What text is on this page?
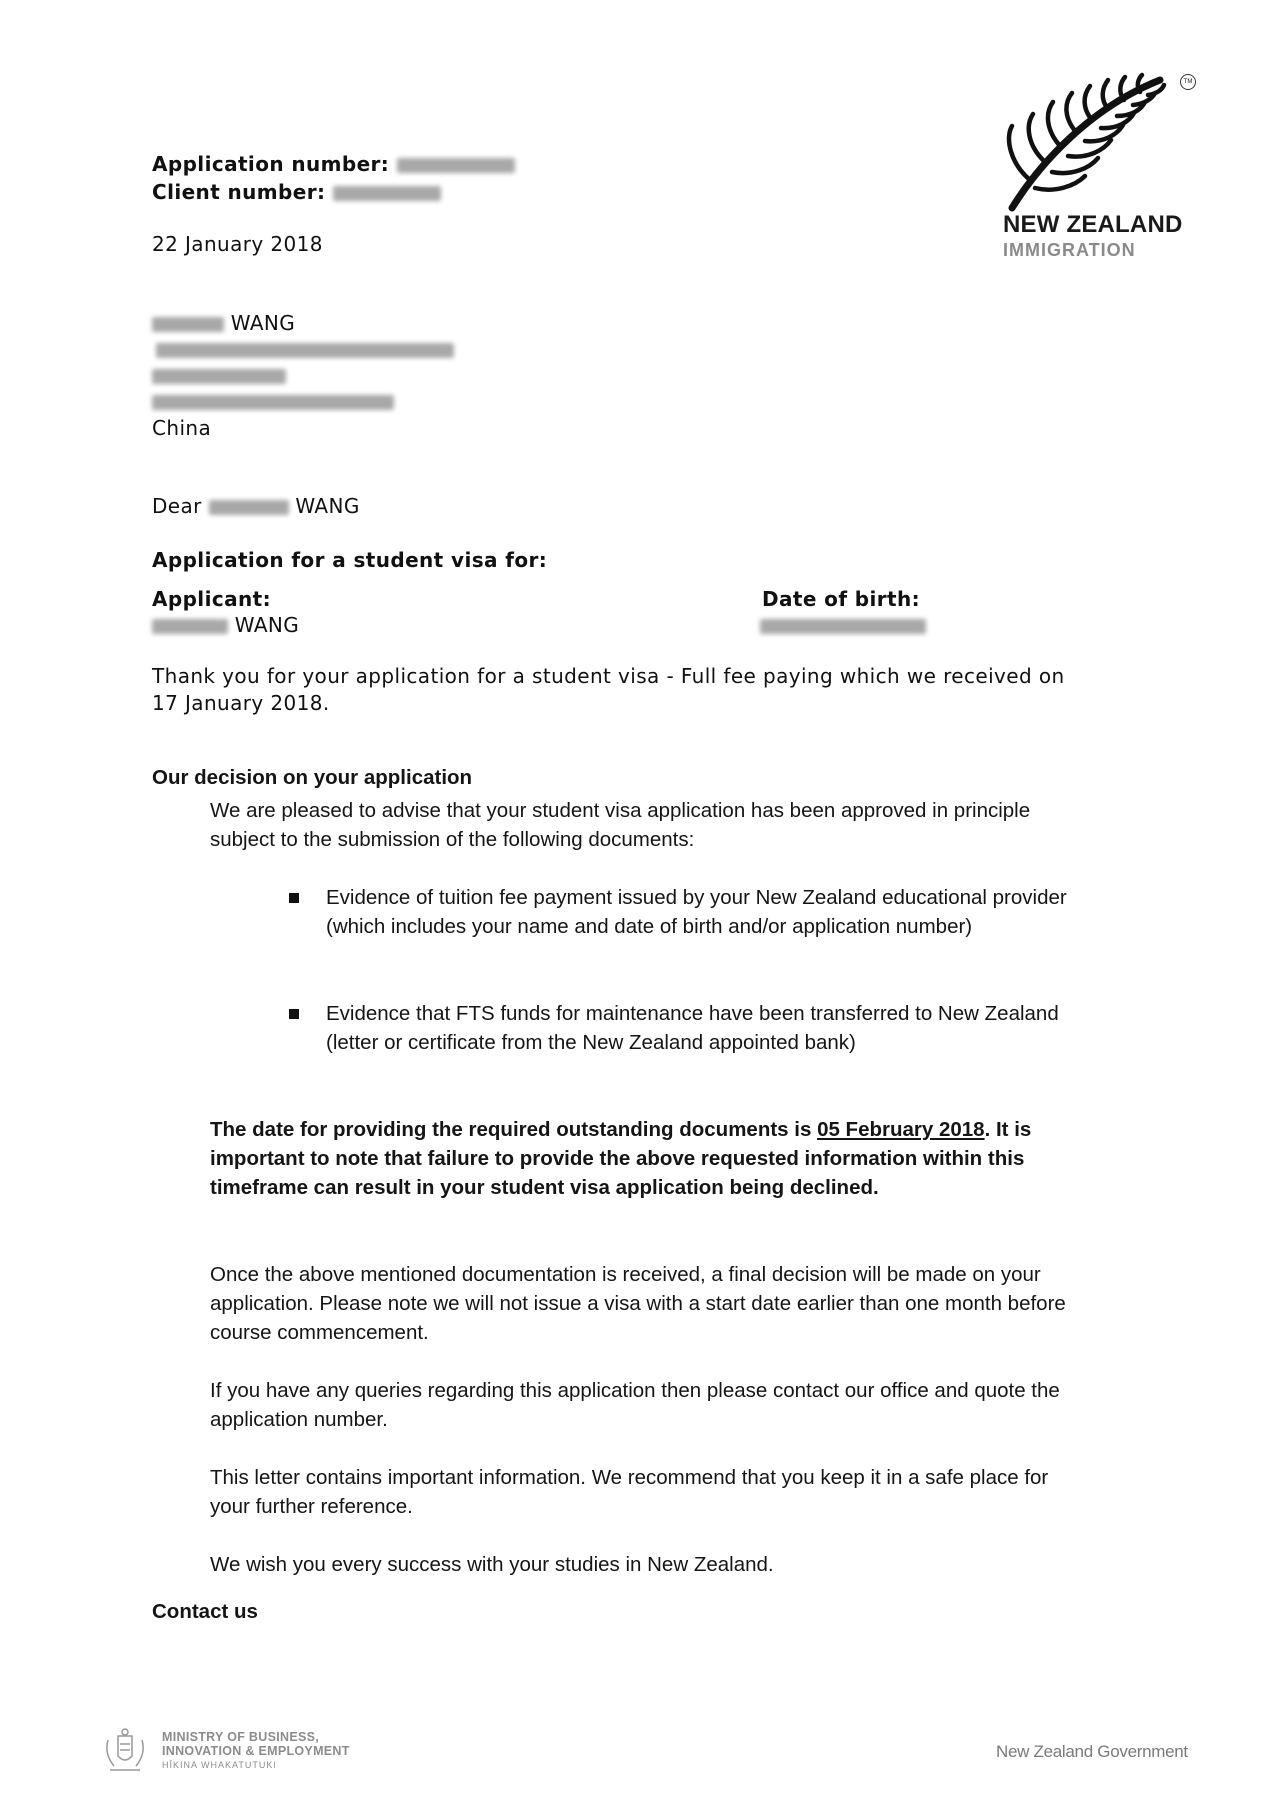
TM
NEW ZEALAND
IMMIGRATION
Application number:
Client number:
22 January 2018
WANG
China
Dear	WANG
Application for a student visa for:
Applicant:
WANG
Date of birth:
Thank you for your application for a student visa - Full fee paying which we received on
17 January 2018.
Our decision on your application
We are pleased to advise that your student visa application has been approved in principle
subject to the submission of the following documents:
Evidence of tuition fee payment issued by your New Zealand educational provider
(which includes your name and date of birth and/or application number)
Evidence that FTS funds for maintenance have been transferred to New Zealand
(letter or certificate from the New Zealand appointed bank)
The date for providing the required outstanding documents is 05 February 2018. It is
important to note that failure to provide the above requested information within this
timeframe can result in your student visa application being declined.
Once the above mentioned documentation is received, a final decision will be made on your
application. Please note we will not issue a visa with a start date earlier than one month before
course commencement.
If you have any queries regarding this application then please contact our office and quote the
application number.
This letter contains important information. We recommend that you keep it in a safe place for
your further reference.
We wish you every success with your studies in New Zealand.
Contact us
MINISTRY OF BUSINESS,
INNOVATION & EMPLOYMENT
HĪKINA WHAKATUTUKI
New Zealand Government
